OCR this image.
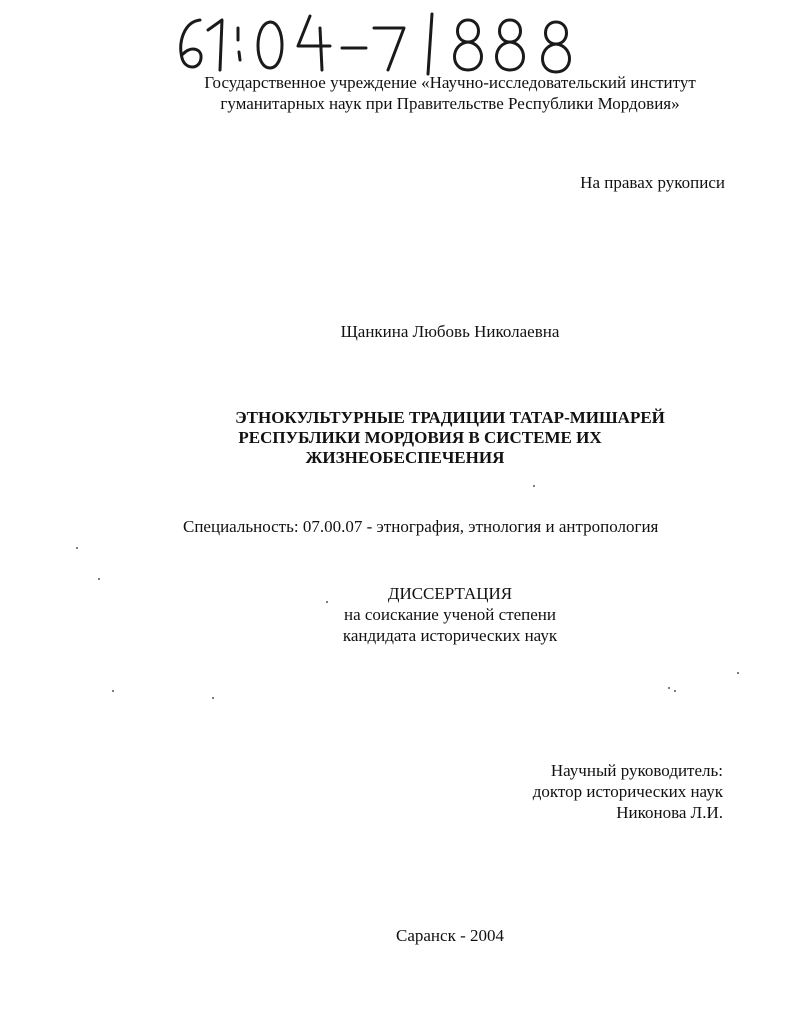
Государственное учреждение «Научно-исследовательский институт
гуманитарных наук при Правительстве Республики Мордовия»
На правах рукописи
Щанкина Любовь Николаевна
ЭТНОКУЛЬТУРНЫЕ ТРАДИЦИИ ТАТАР-МИШАРЕЙ
РЕСПУБЛИКИ МОРДОВИЯ В СИСТЕМЕ ИХ
ЖИЗНЕОБЕСПЕЧЕНИЯ
Специальность: 07.00.07 - этнография, этнология и антропология
ДИССЕРТАЦИЯ
на соискание ученой степени
кандидата исторических наук
Научный руководитель:
доктор исторических наук
Никонова Л.И.
Саранск - 2004
